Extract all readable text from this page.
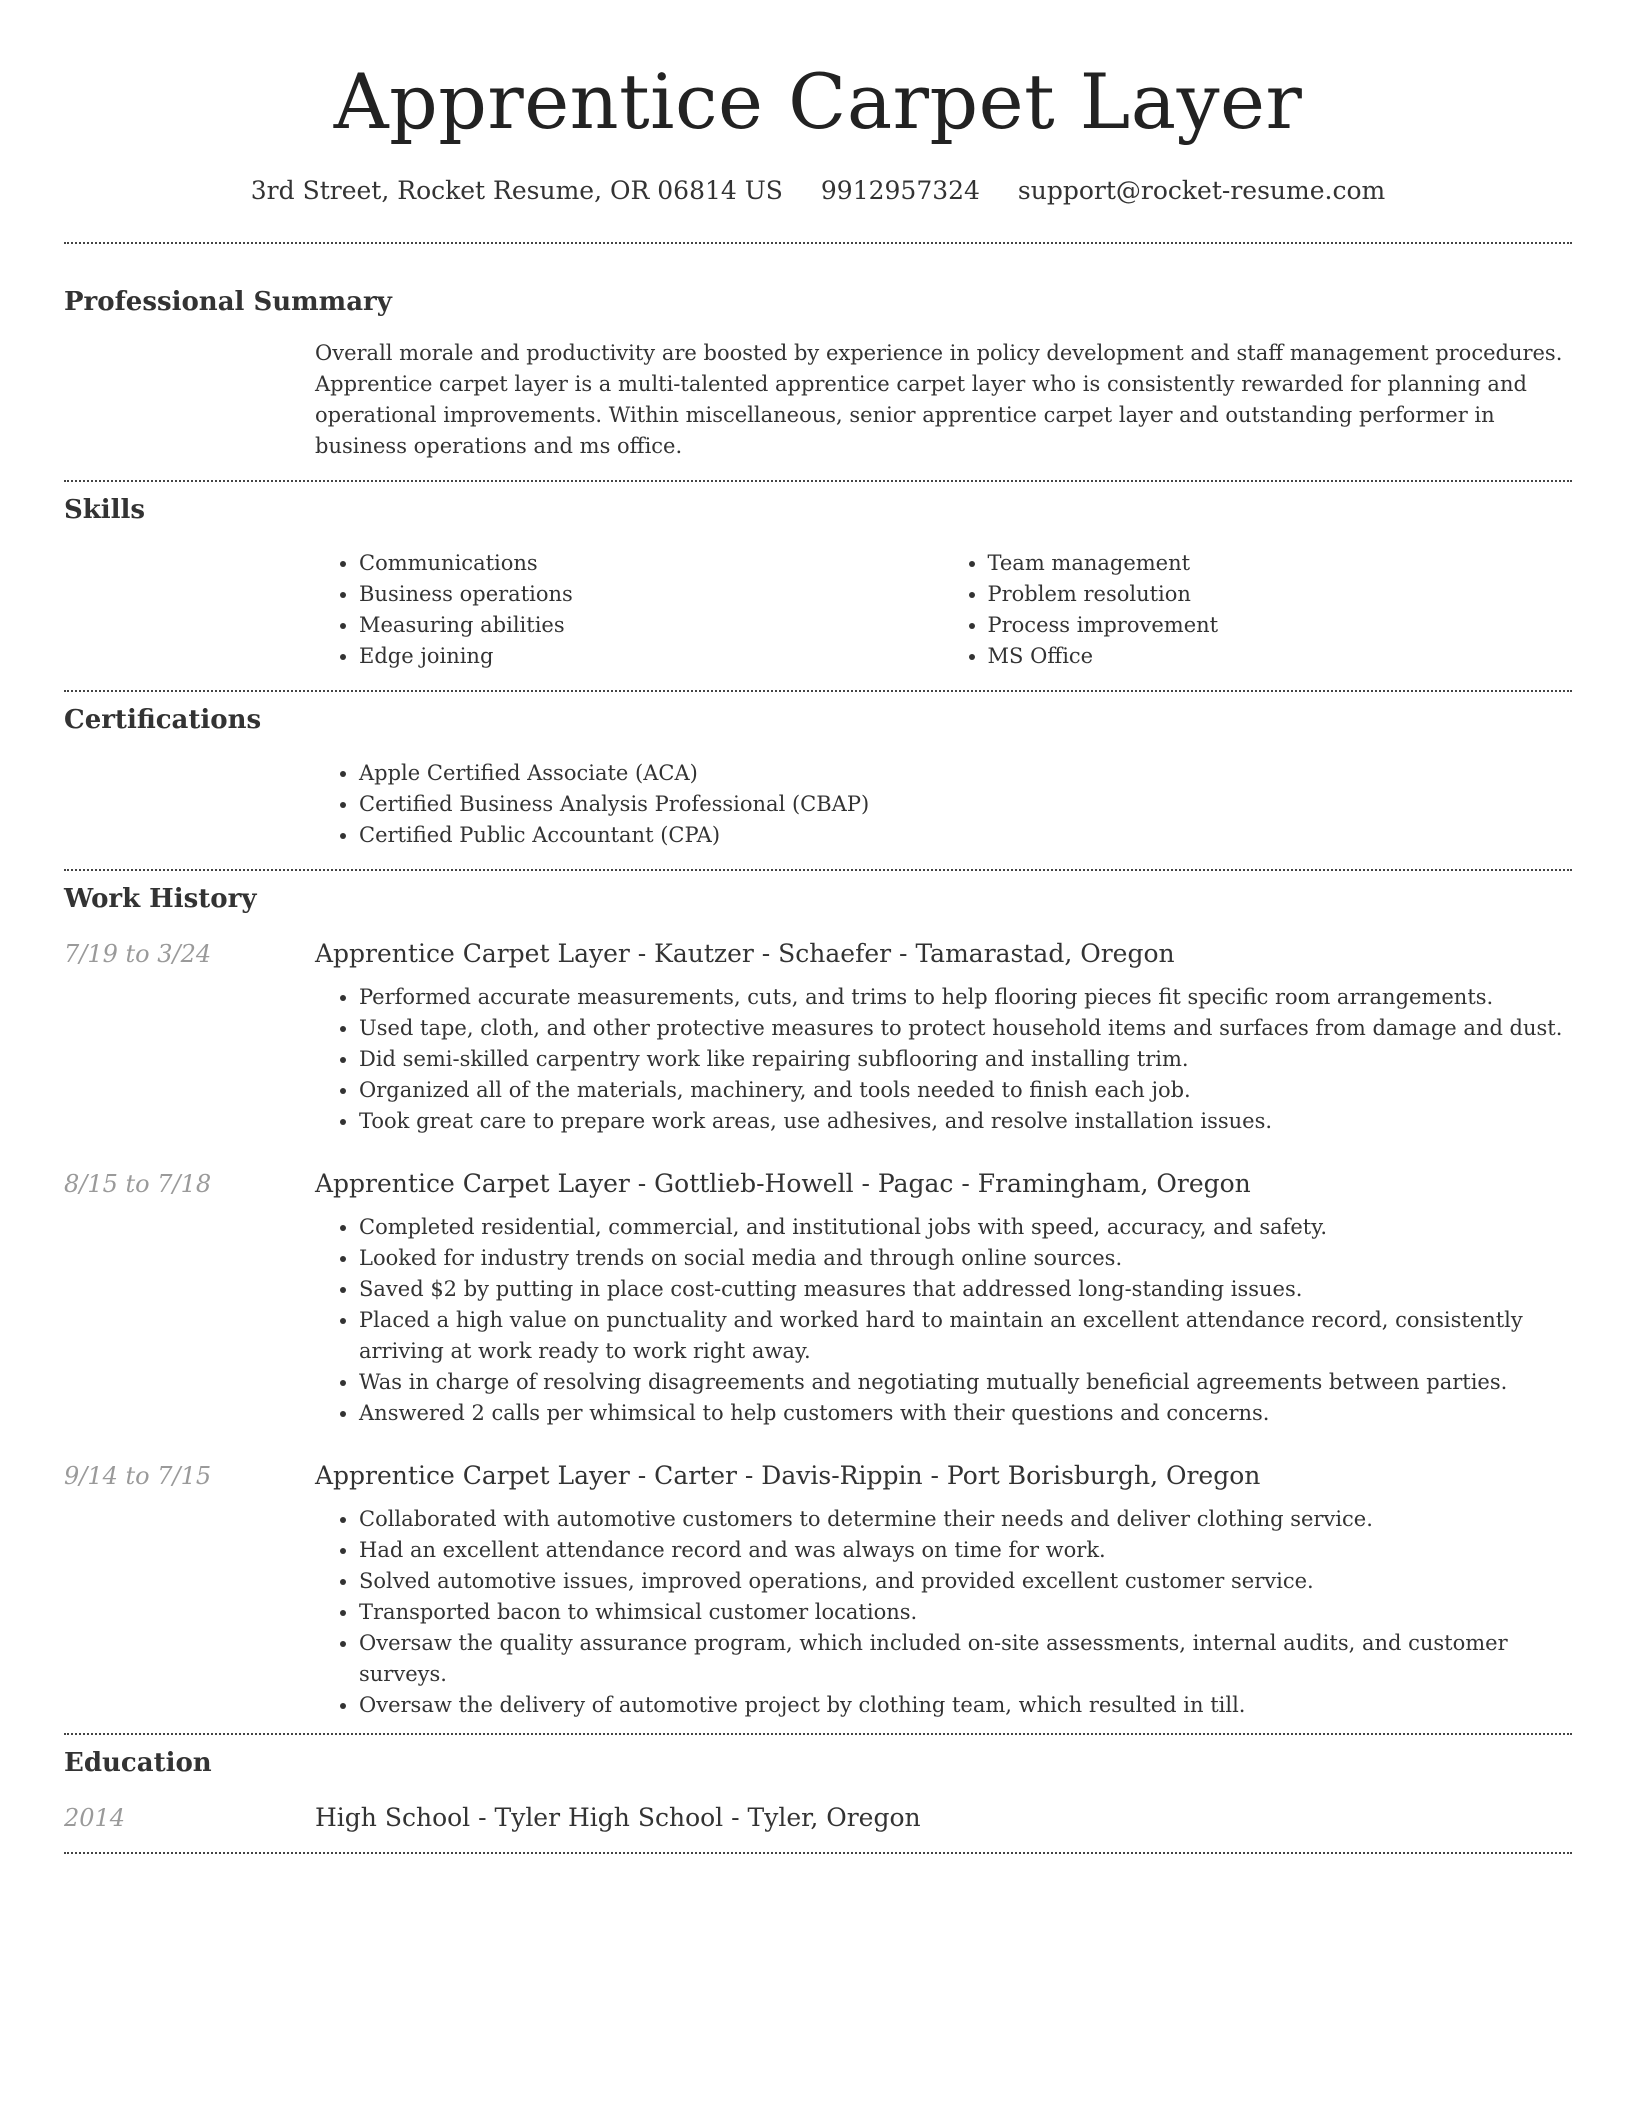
Apprentice Carpet Layer
3rd Street, Rocket Resume, OR 06814 US 9912957324 support@rocket-resume.com
Professional Summary

Overall morale and productivity are boosted by experience in policy development and staff management procedures. Apprentice carpet layer is a multi-talented apprentice carpet layer who is consistently rewarded for planning and operational improvements. Within miscellaneous, senior apprentice carpet layer and outstanding performer in business operations and ms office.

Skills
• Communications
• Business operations
• Measuring abilities
• Edge joining
• Team management
• Problem resolution
• Process improvement
• MS Office
Certifications
• Apple Certified Associate (ACA)
• Certified Business Analysis Professional (CBAP)
• Certified Public Accountant (CPA)
Work History
7/19 to 3/24	Apprentice Carpet Layer - Kautzer - Schaefer - Tamarastad, Oregon
• Performed accurate measurements, cuts, and trims to help flooring pieces fit specific room arrangements.
• Used tape, cloth, and other protective measures to protect household items and surfaces from damage and dust.
• Did semi-skilled carpentry work like repairing subflooring and installing trim.
• Organized all of the materials, machinery, and tools needed to finish each job.
• Took great care to prepare work areas, use adhesives, and resolve installation issues.
8/15 to 7/18	Apprentice Carpet Layer - Gottlieb-Howell - Pagac - Framingham, Oregon
• Completed residential, commercial, and institutional jobs with speed, accuracy, and safety.
• Looked for industry trends on social media and through online sources.
• Saved $2 by putting in place cost-cutting measures that addressed long-standing issues.
• Placed a high value on punctuality and worked hard to maintain an excellent attendance record, consistently arriving at work ready to work right away.
• Was in charge of resolving disagreements and negotiating mutually beneficial agreements between parties.
• Answered 2 calls per whimsical to help customers with their questions and concerns.
9/14 to 7/15	Apprentice Carpet Layer - Carter - Davis-Rippin - Port Borisburgh, Oregon
• Collaborated with automotive customers to determine their needs and deliver clothing service.
• Had an excellent attendance record and was always on time for work.
• Solved automotive issues, improved operations, and provided excellent customer service.
• Transported bacon to whimsical customer locations.
• Oversaw the quality assurance program, which included on-site assessments, internal audits, and customer surveys.
• Oversaw the delivery of automotive project by clothing team, which resulted in till.
Education
2014	High School - Tyler High School - Tyler, Oregon
